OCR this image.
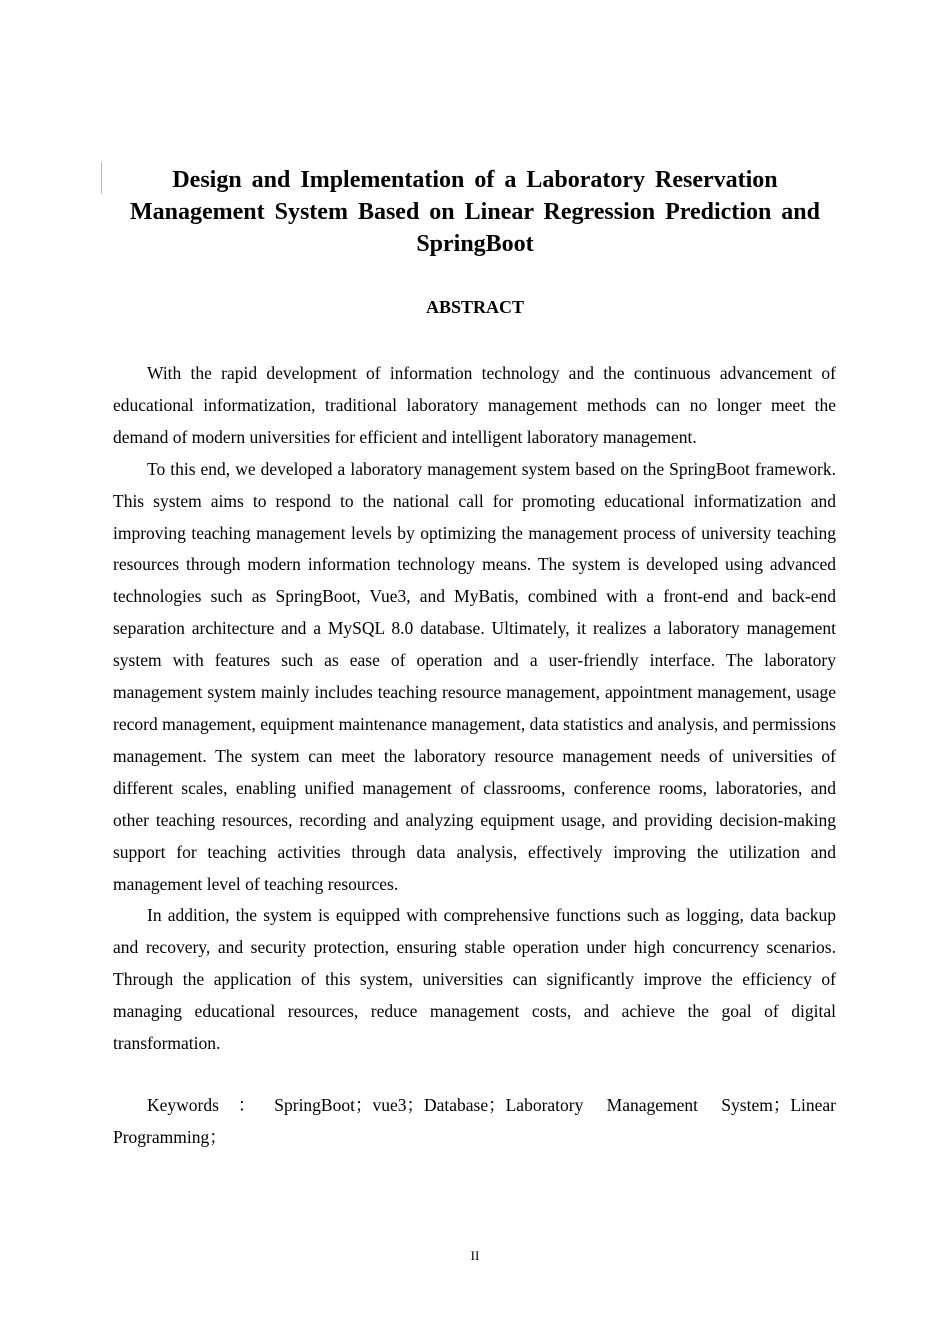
Design and Implementation of a Laboratory Reservation Management System Based on Linear Regression Prediction and SpringBoot
ABSTRACT

With the rapid development of information technology and the continuous advancement of educational informatization, traditional laboratory management methods can no longer meet the demand of modern universities for efficient and intelligent laboratory management.

To this end, we developed a laboratory management system based on the SpringBoot framework. This system aims to respond to the national call for promoting educational informatization and improving teaching management levels by optimizing the management process of university teaching resources through modern information technology means. The system is developed using advanced technologies such as SpringBoot, Vue3, and MyBatis, combined with a front-end and back-end separation architecture and a MySQL 8.0 database. Ultimately, it realizes a laboratory management system with features such as ease of operation and a user-friendly interface. The laboratory management system mainly includes teaching resource management, appointment management, usage record management, equipment maintenance management, data statistics and analysis, and permissions management. The system can meet the laboratory resource management needs of universities of different scales, enabling unified management of classrooms, conference rooms, laboratories, and other teaching resources, recording and analyzing equipment usage, and providing decision-making support for teaching activities through data analysis, effectively improving the utilization and management level of teaching resources.

In addition, the system is equipped with comprehensive functions such as logging, data backup and recovery, and security protection, ensuring stable operation under high concurrency scenarios. Through the application of this system, universities can significantly improve the efficiency of managing educational resources, reduce management costs, and achieve the goal of digital transformation.

Keywords：SpringBoot；vue3；Database；Laboratory Management System；Linear Programming；

II
